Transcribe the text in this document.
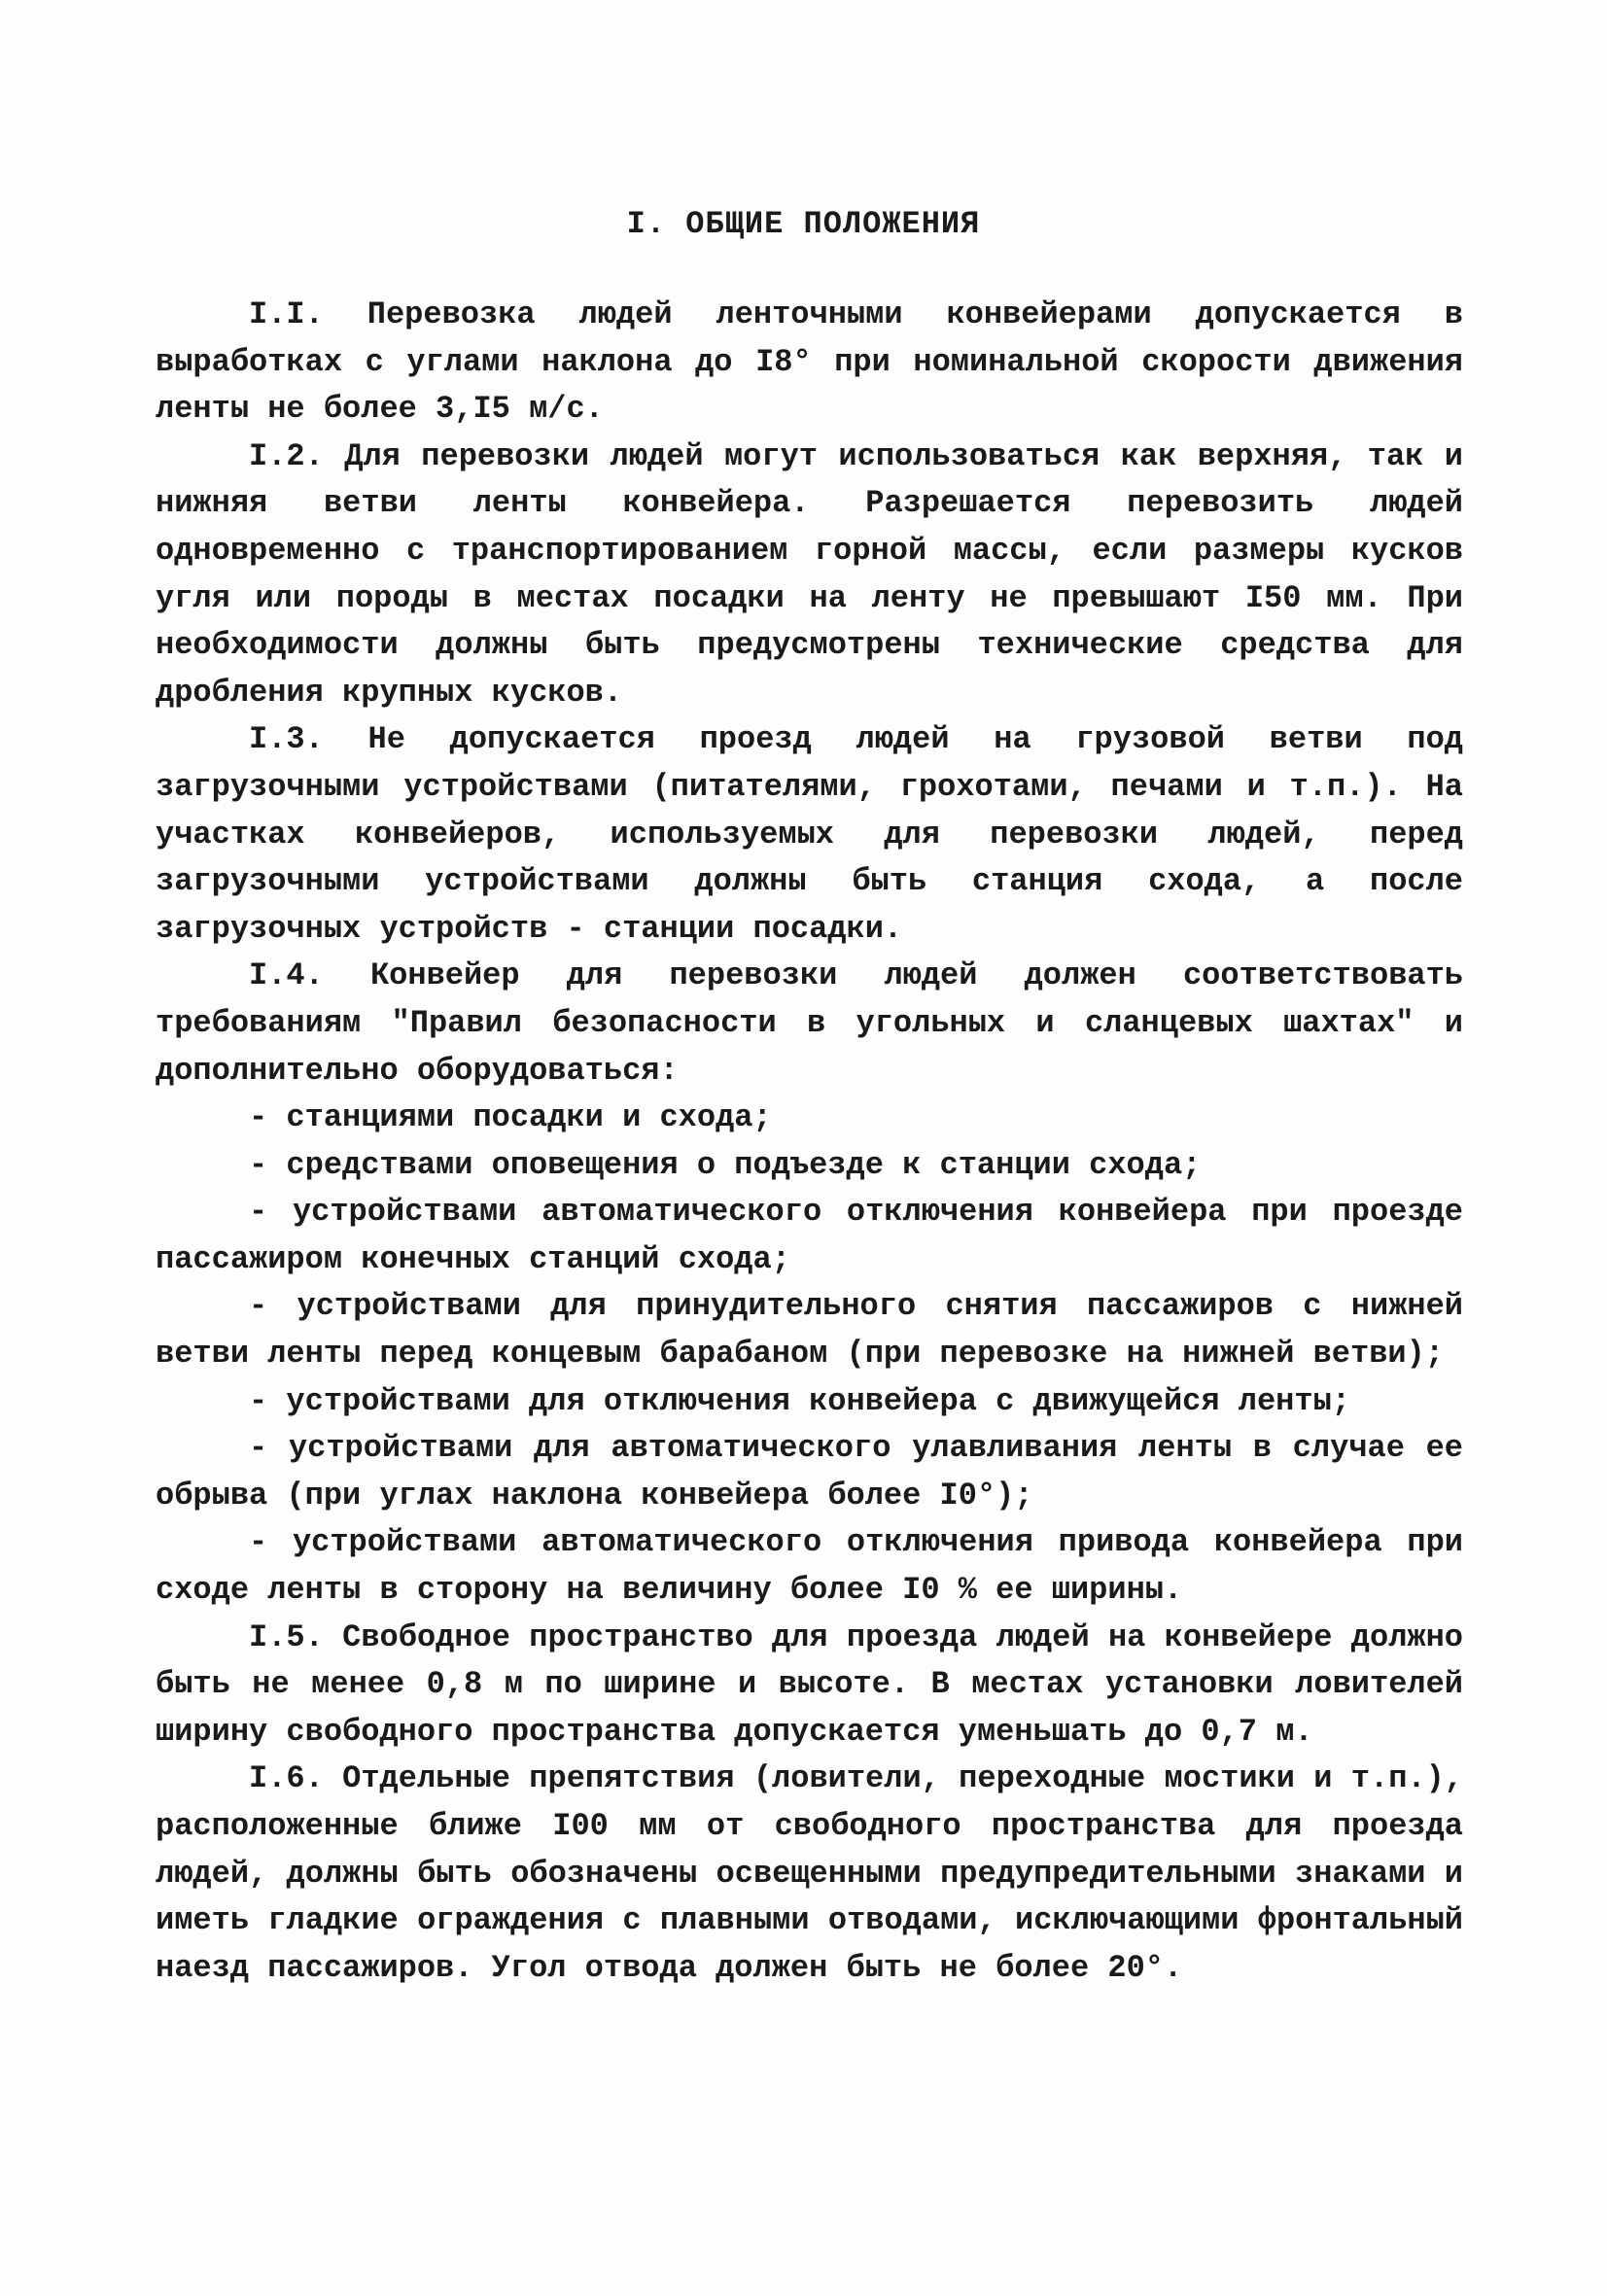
I. ОБЩИЕ ПОЛОЖЕНИЯ

I.I. Перевозка людей ленточными конвейерами допускается в выработках с углами наклона до I8° при номинальной скорости движения ленты не более 3,I5 м/с.

I.2. Для перевозки людей могут использоваться как верхняя, так и нижняя ветви ленты конвейера. Разрешается перевозить людей одновременно с транспортированием горной массы, если размеры кусков угля или породы в местах посадки на ленту не превышают I50 мм. При необходимости должны быть предусмотрены технические средства для дробления крупных кусков.

I.3. Не допускается проезд людей на грузовой ветви под загрузочными устройствами (питателями, грохотами, печами и т.п.). На участках конвейеров, используемых для перевозки людей, перед загрузочными устройствами должны быть станция схода, а после загрузочных устройств - станции посадки.

I.4. Конвейер для перевозки людей должен соответствовать требованиям "Правил безопасности в угольных и сланцевых шахтах" и дополнительно оборудоваться:

- станциями посадки и схода;

- средствами оповещения о подъезде к станции схода;

- устройствами автоматического отключения конвейера при проезде пассажиром конечных станций схода;

- устройствами для принудительного снятия пассажиров с нижней ветви ленты перед концевым барабаном (при перевозке на нижней ветви);

- устройствами для отключения конвейера с движущейся ленты;

- устройствами для автоматического улавливания ленты в случае ее обрыва (при углах наклона конвейера более I0°);

- устройствами автоматического отключения привода конвейера при сходе ленты в сторону на величину более I0 % ее ширины.

I.5. Свободное пространство для проезда людей на конвейере должно быть не менее 0,8 м по ширине и высоте. В местах установки ловителей ширину свободного пространства допускается уменьшать до 0,7 м.

I.6. Отдельные препятствия (ловители, переходные мостики и т.п.), расположенные ближе I00 мм от свободного пространства для проезда людей, должны быть обозначены освещенными предупредительными знаками и иметь гладкие ограждения с плавными отводами, исключающими фронтальный наезд пассажиров. Угол отвода должен быть не более 20°.
